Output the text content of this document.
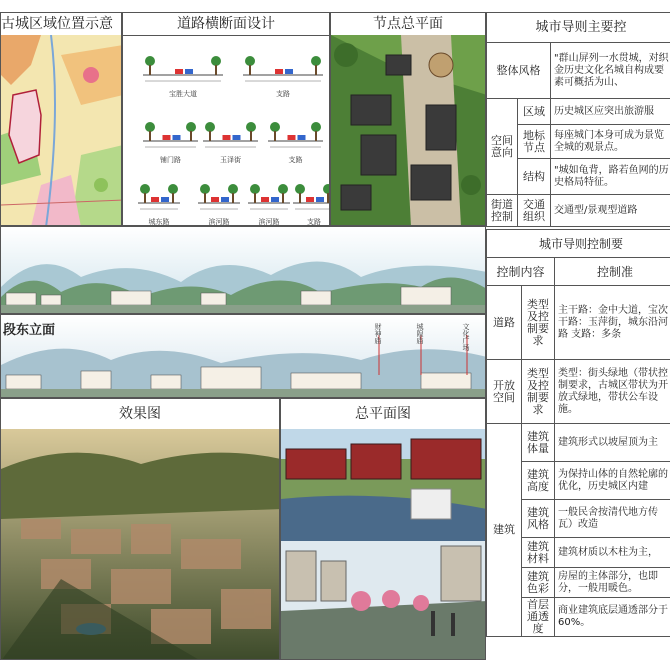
古城区域位置示意	道路横断面设计
宝胜大道	支路
铺门路	玉泽街	支路
城东路	滨河路	滨河路	支路
节点总平面
段东立面	财神庙	城隍庙	文化广场
效果图	总平面图
城市导则主要控		
整体风格		"群山屏列一水贯城，对织金历史文化名城自构成要素可概括为山、
空间意向	区域	历史城区应突出旅游服
	地标节点	每座城门本身可成为景览全城的观景点。
	结构	"城如龟背，路若鱼网的历史格局特征。
街道控制	交通组织	交通型/景观型道路
城市导则控制要		
控制内容		控制准
道路	类型及控制要求	主干路：金中大道，宝次干路：玉萍街，城东沿河路 支路：多条
开放空间	类型及控制要求	类型：街头绿地（带状控制要求，古城区带状为开放式绿地，带状公车设施。
建筑	建筑体量	建筑形式以坡屋顶为主
	建筑高度	为保持山体的自然轮廓的优化，历史城区内建
	建筑风格	一般民舍按清代地方传瓦）改造
	建筑材料	建筑材质以木柱为主，
	建筑色彩	房屋的主体部分，也即分，一般用暖色。
	首层通透度	商业建筑底层通透部分于60%。
